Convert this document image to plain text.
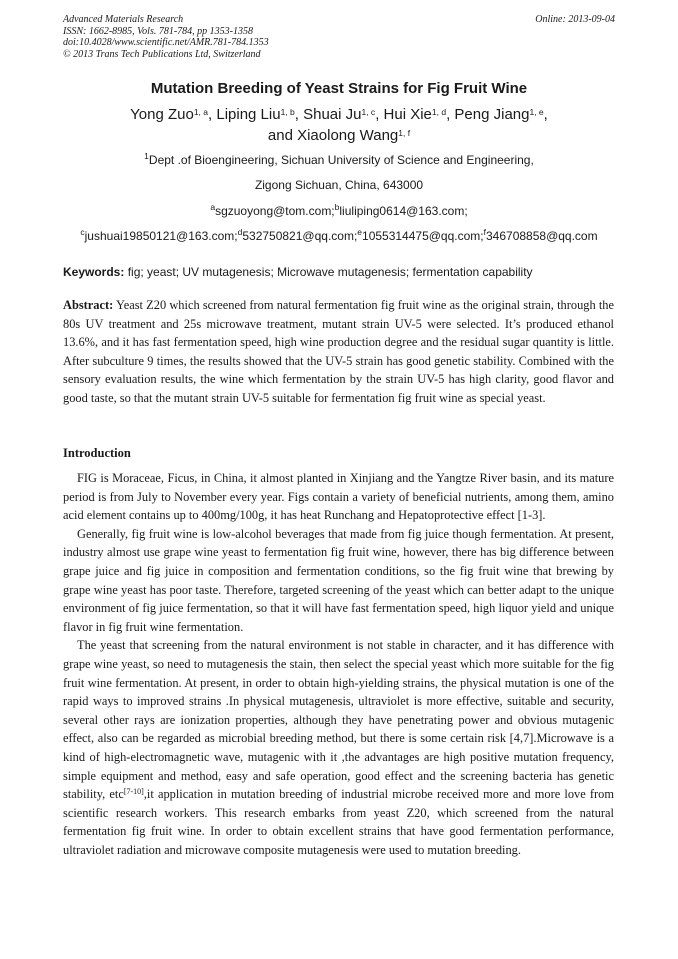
Advanced Materials Research
ISSN: 1662-8985, Vols. 781-784, pp 1353-1358
doi:10.4028/www.scientific.net/AMR.781-784.1353
© 2013 Trans Tech Publications Ltd, Switzerland
Online: 2013-09-04
Mutation Breeding of Yeast Strains for Fig Fruit Wine
Yong Zuo$^{1, a}$, Liping Liu$^{1, b}$, Shuai Ju$^{1, c}$, Hui Xie$^{1, d}$, Peng Jiang$^{1, e}$,
and Xiaolong Wang$^{1, f}$
$^1$Dept .of Bioengineering, Sichuan University of Science and Engineering,
Zigong Sichuan, China, 643000
$^a$sgzuoyong@tom.com;$^b$liuliping0614@163.com;
$^c$jushuai19850121@163.com;$^d$532750821@qq.com;$^e$1055314475@qq.com;$^f$346708858@qq.com
Keywords: fig; yeast; UV mutagenesis; Microwave mutagenesis; fermentation capability

Abstract: Yeast Z20 which screened from natural fermentation fig fruit wine as the original strain, through the 80s UV treatment and 25s microwave treatment, mutant strain UV-5 were selected. It’s produced ethanol 13.6%, and it has fast fermentation speed, high wine production degree and the residual sugar quantity is little. After subculture 9 times, the results showed that the UV-5 strain has good genetic stability. Combined with the sensory evaluation results, the wine which fermentation by the strain UV-5 has high clarity, good flavor and good taste, so that the mutant strain UV-5 suitable for fermentation fig fruit wine as special yeast.

Introduction

FIG is Moraceae, Ficus, in China, it almost planted in Xinjiang and the Yangtze River basin, and its mature period is from July to November every year. Figs contain a variety of beneficial nutrients, among them, amino acid element contains up to 400mg/100g, it has heat Runchang and Hepatoprotective effect [1-3].

Generally, fig fruit wine is low-alcohol beverages that made from fig juice though fermentation. At present, industry almost use grape wine yeast to fermentation fig fruit wine, however, there has big difference between grape juice and fig juice in composition and fermentation conditions, so the fig fruit wine that brewing by grape wine yeast has poor taste. Therefore, targeted screening of the yeast which can better adapt to the unique environment of fig juice fermentation, so that it will have fast fermentation speed, high liquor yield and unique flavor in fig fruit wine fermentation.

The yeast that screening from the natural environment is not stable in character, and it has difference with grape wine yeast, so need to mutagenesis the stain, then select the special yeast which more suitable for the fig fruit wine fermentation. At present, in order to obtain high-yielding strains, the physical mutation is one of the rapid ways to improved strains .In physical mutagenesis, ultraviolet is more effective, suitable and security, several other rays are ionization properties, although they have penetrating power and obvious mutagenic effect, also can be regarded as microbial breeding method, but there is some certain risk [4,7].Microwave is a kind of high-electromagnetic wave, mutagenic with it ,the advantages are high positive mutation frequency, simple equipment and method, easy and safe operation, good effect and the screening bacteria has genetic stability, etc[7-10],it application in mutation breeding of industrial microbe received more and more love from scientific research workers. This research embarks from yeast Z20, which screened from the natural fermentation fig fruit wine. In order to obtain excellent strains that have good fermentation performance, ultraviolet radiation and microwave composite mutagenesis were used to mutation breeding.
